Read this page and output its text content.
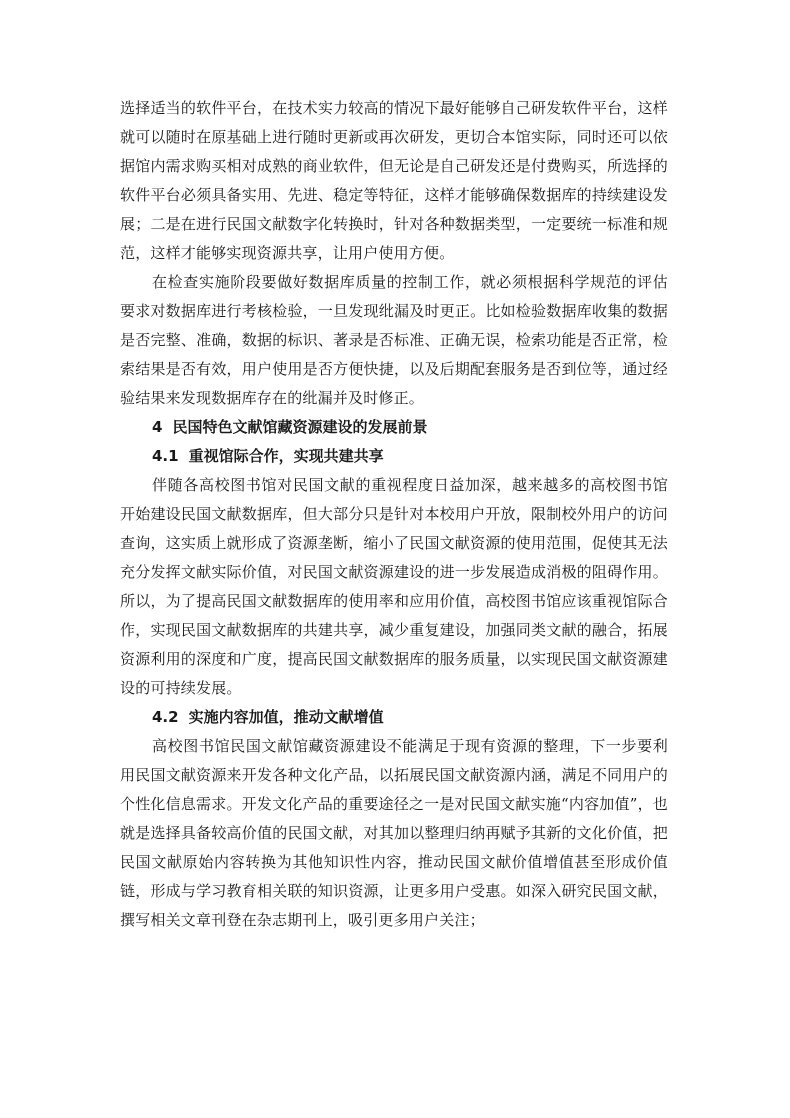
选择适当的软件平台，在技术实力较高的情况下最好能够自己研发软件平台，这样就可以随时在原基础上进行随时更新或再次研发，更切合本馆实际，同时还可以依据馆内需求购买相对成熟的商业软件，但无论是自己研发还是付费购买，所选择的软件平台必须具备实用、先进、稳定等特征，这样才能够确保数据库的持续建设发展；二是在进行民国文献数字化转换时，针对各种数据类型，一定要统一标准和规范，这样才能够实现资源共享，让用户使用方便。

在检查实施阶段要做好数据库质量的控制工作，就必须根据科学规范的评估要求对数据库进行考核检验，一旦发现纰漏及时更正。比如检验数据库收集的数据是否完整、准确，数据的标识、著录是否标准、正确无误，检索功能是否正常，检索结果是否有效，用户使用是否方便快捷，以及后期配套服务是否到位等，通过经验结果来发现数据库存在的纰漏并及时修正。

4 民国特色文献馆藏资源建设的发展前景
4.1 重视馆际合作，实现共建共享

伴随各高校图书馆对民国文献的重视程度日益加深，越来越多的高校图书馆开始建设民国文献数据库，但大部分只是针对本校用户开放，限制校外用户的访问查询，这实质上就形成了资源垄断，缩小了民国文献资源的使用范围，促使其无法充分发挥文献实际价值，对民国文献资源建设的进一步发展造成消极的阻碍作用。所以，为了提高民国文献数据库的使用率和应用价值，高校图书馆应该重视馆际合作，实现民国文献数据库的共建共享，减少重复建设，加强同类文献的融合，拓展资源利用的深度和广度，提高民国文献数据库的服务质量，以实现民国文献资源建设的可持续发展。

4.2 实施内容加值，推动文献增值

高校图书馆民国文献馆藏资源建设不能满足于现有资源的整理，下一步要利用民国文献资源来开发各种文化产品，以拓展民国文献资源内涵，满足不同用户的个性化信息需求。开发文化产品的重要途径之一是对民国文献实施“内容加值”，也就是选择具备较高价值的民国文献，对其加以整理归纳再赋予其新的文化价值，把民国文献原始内容转换为其他知识性内容，推动民国文献价值增值甚至形成价值链，形成与学习教育相关联的知识资源，让更多用户受惠。如深入研究民国文献，撰写相关文章刊登在杂志期刊上，吸引更多用户关注；
